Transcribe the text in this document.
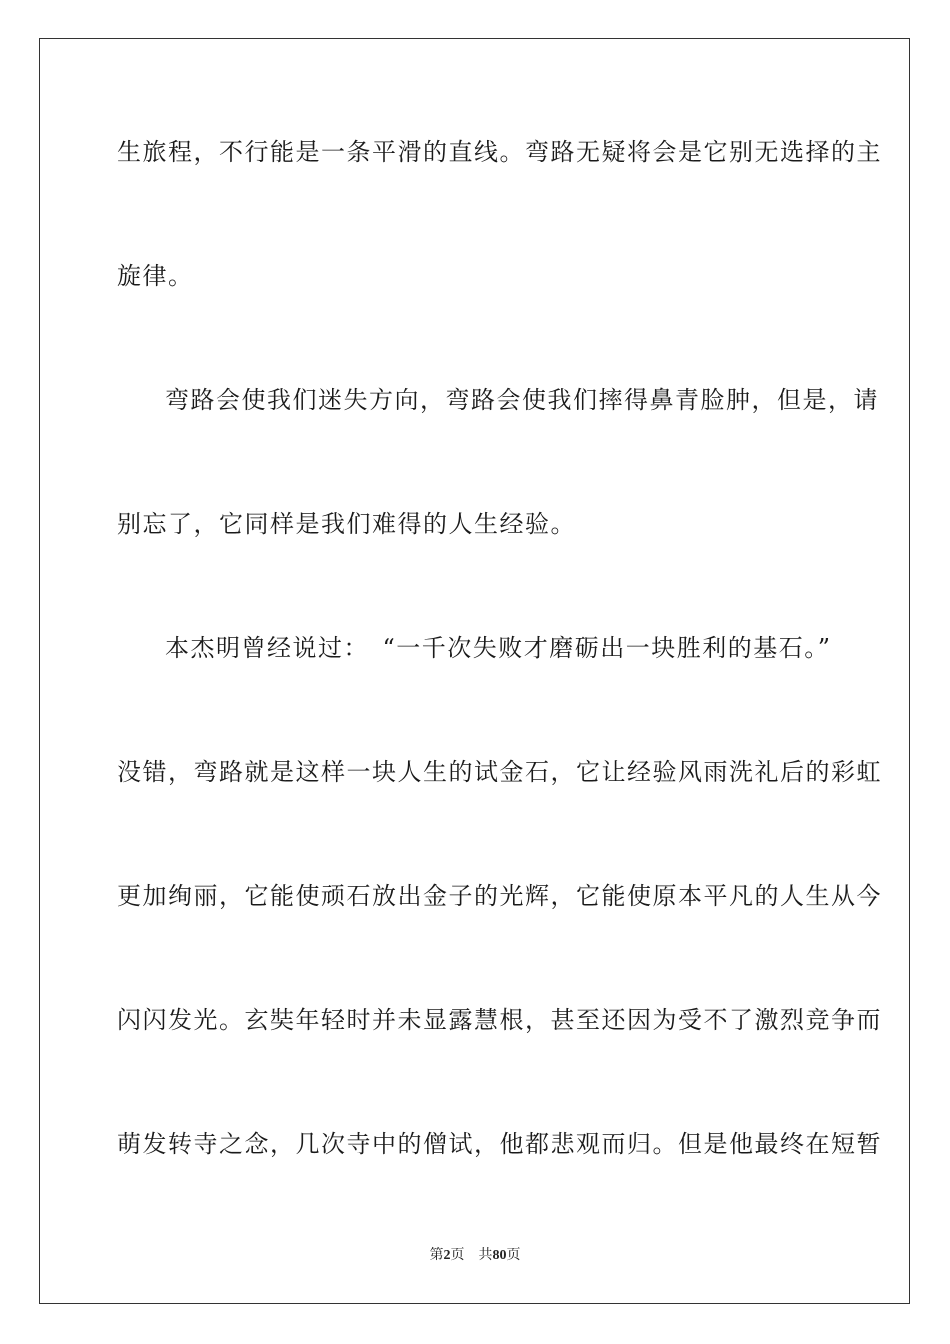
生旅程，不行能是一条平滑的直线。弯路无疑将会是它别无选择的主
旋律。
弯路会使我们迷失方向，弯路会使我们摔得鼻青脸肿，但是，请
别忘了，它同样是我们难得的人生经验。
本杰明曾经说过：　“一千次失败才磨砺出一块胜利的基石。”
没错，弯路就是这样一块人生的试金石，它让经验风雨洗礼后的彩虹
更加绚丽，它能使顽石放出金子的光辉，它能使原本平凡的人生从今
闪闪发光。玄奘年轻时并未显露慧根，甚至还因为受不了激烈竞争而
萌发转寺之念，几次寺中的僧试，他都悲观而归。但是他最终在短暂
第2页 共80页
